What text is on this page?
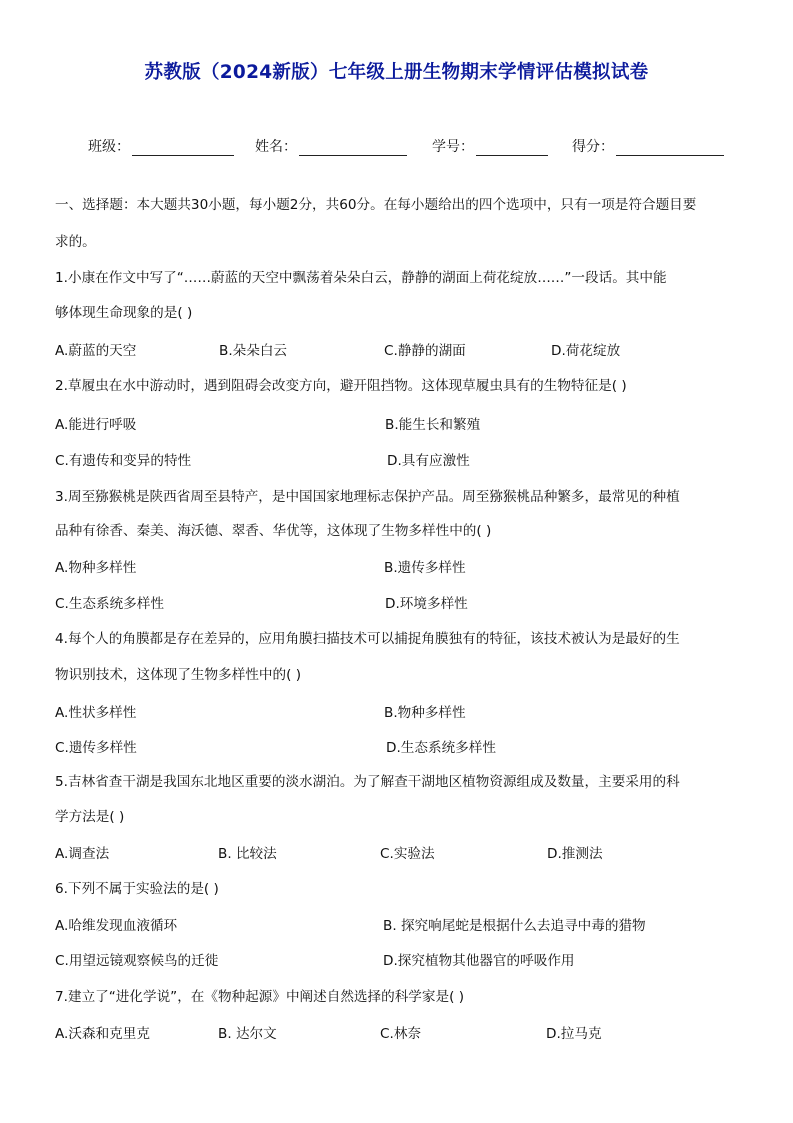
苏教版（2024新版）七年级上册生物期末学情评估模拟试卷
班级：	姓名：	学号：	得分：
一、选择题：本大题共30小题，每小题2分，共60分。在每小题给出的四个选项中，只有一项是符合题目要
求的。
1.小康在作文中写了“……蔚蓝的天空中飘荡着朵朵白云，静静的湖面上荷花绽放……”一段话。其中能
够体现生命现象的是( )
A.蔚蓝的天空	B.朵朵白云	C.静静的湖面	D.荷花绽放
2.草履虫在水中游动时，遇到阻碍会改变方向，避开阻挡物。这体现草履虫具有的生物特征是( )
A.能进行呼吸	B.能生长和繁殖
C.有遗传和变异的特性	D.具有应激性
3.周至猕猴桃是陕西省周至县特产，是中国国家地理标志保护产品。周至猕猴桃品种繁多，最常见的种植
品种有徐香、秦美、海沃德、翠香、华优等，这体现了生物多样性中的( )
A.物种多样性	B.遗传多样性
C.生态系统多样性	D.环境多样性
4.每个人的角膜都是存在差异的，应用角膜扫描技术可以捕捉角膜独有的特征，该技术被认为是最好的生
物识别技术，这体现了生物多样性中的( )
A.性状多样性	B.物种多样性
C.遗传多样性	D.生态系统多样性
5.吉林省查干湖是我国东北地区重要的淡水湖泊。为了解查干湖地区植物资源组成及数量，主要采用的科
学方法是( )
A.调查法	B. 比较法	C.实验法	D.推测法
6.下列不属于实验法的是( )
A.哈维发现血液循环	B. 探究响尾蛇是根据什么去追寻中毒的猎物
C.用望远镜观察候鸟的迁徙	D.探究植物其他器官的呼吸作用
7.建立了“进化学说”，在《物种起源》中阐述自然选择的科学家是( )
A.沃森和克里克	B. 达尔文	C.林奈	D.拉马克
